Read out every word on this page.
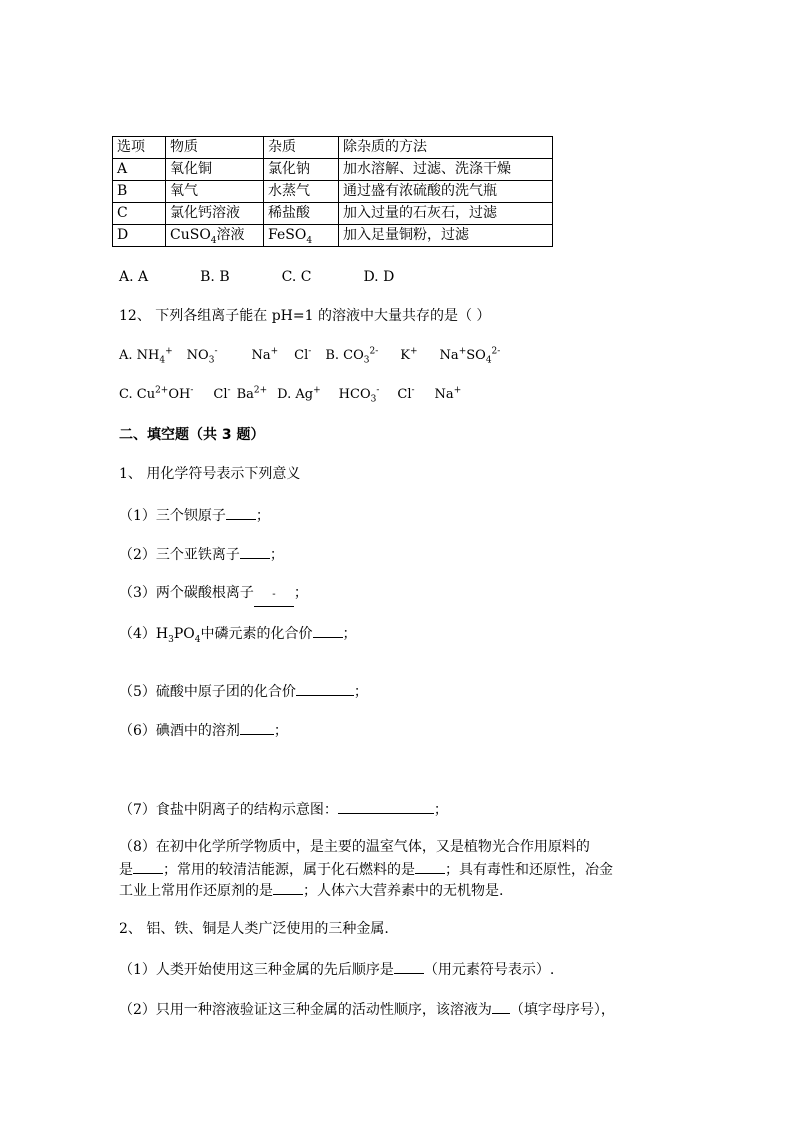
选项	物质	杂质	除杂质的方法
A	氧化铜	氯化钠	加水溶解、过滤、洗涤干燥
B	氧气	水蒸气	通过盛有浓硫酸的洗气瓶
C	氯化钙溶液	稀盐酸	加入过量的石灰石，过滤
D	CuSO$_4$溶液	FeSO$_4$	加入足量铜粉，过滤
A. A	B. B	C. C	D. D
12、 下列各组离子能在 pH=1 的溶液中大量共存的是（ ）
A. $NH_4^+$ $NO_3^-$	Na+ Cl- B. $CO_3^{2-}$ K+ $Na^+SO_4^{2-}$
C. $Cu^{2+}OH^-$ Cl- $Ba^{2+}$ D. Ag+ $HCO_3^-$ Cl- Na+
二、填空题（共 3 题）
1、 用化学符号表示下列意义
（1）三个钡原子 ；
（2）三个亚铁离子 ；
（3）两个碳酸根离子 - ；
$(4)H_3PO_4$中磷元素的化合价 ；
（5）硫酸中原子团的化合价	；
（6）碘酒中的溶剂 ；
（7）食盐中阴离子的结构示意图：	；
（8）在初中化学所学物质中，是主要的温室气体，又是植物光合作用原料的
是 ；常用的较清洁能源，属于化石燃料的是 ；具有毒性和还原性，冶金
工业上常用作还原剂的是 ；人体六大营养素中的无机物是.
2、 铝、铁、铜是人类广泛使用的三种金属.
（1）人类开始使用这三种金属的先后顺序是 （用元素符号表示）.
（2）只用一种溶液验证这三种金属的活动性顺序，该溶液为 （填字母序号），
